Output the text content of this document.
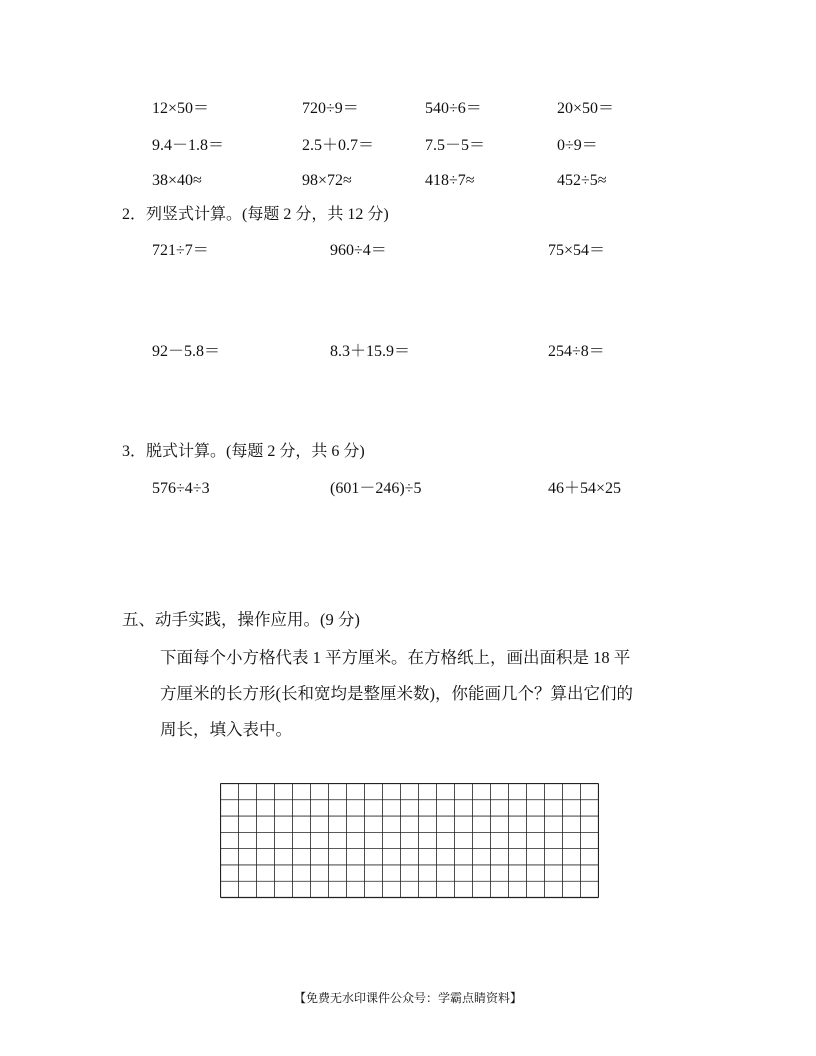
12×50＝	720÷9＝	540÷6＝	20×50＝
9.4－1.8＝	2.5＋0.7＝	7.5－5＝	0÷9＝
38×40≈	98×72≈	418÷7≈	452÷5≈
2．列竖式计算。(每题 2 分，共 12 分)
721÷7＝	960÷4＝	75×54＝
92－5.8＝	8.3＋15.9＝	254÷8＝
3．脱式计算。(每题 2 分，共 6 分)
576÷4÷3	(601－246)÷5	46＋54×25
五、动手实践，操作应用。(9 分)
下面每个小方格代表 1 平方厘米。在方格纸上，画出面积是 18 平
方厘米的长方形(长和宽均是整厘米数)，你能画几个？算出它们的
周长，填入表中。
【免费无水印课件公众号：学霸点睛资料】
